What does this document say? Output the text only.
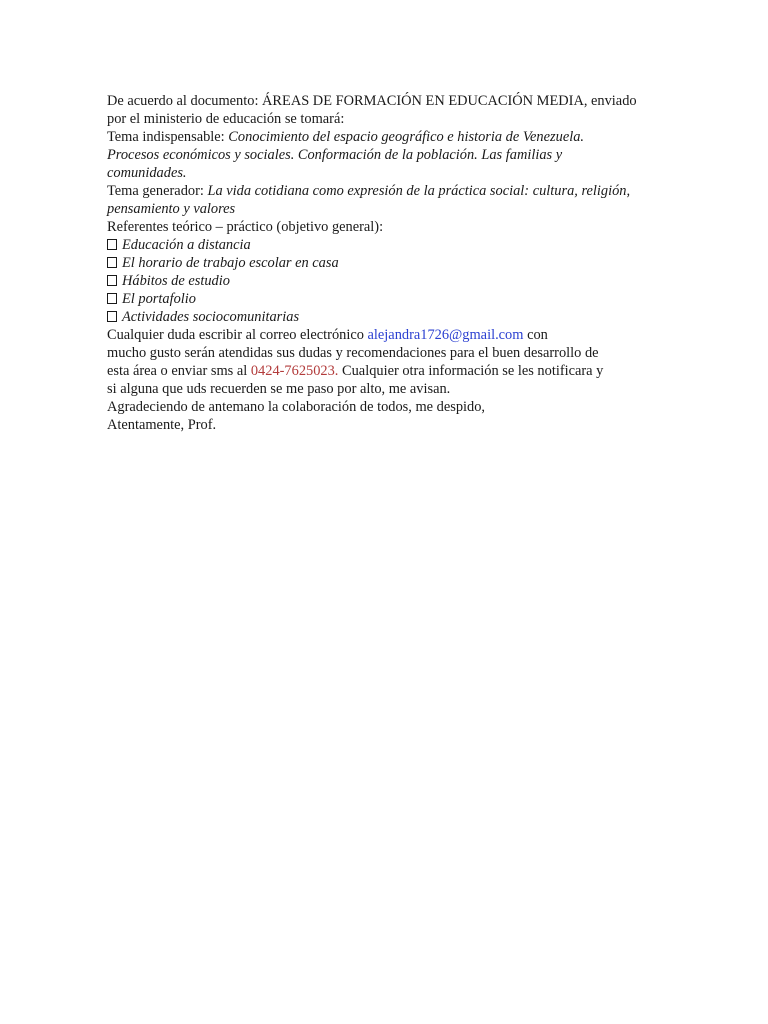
De acuerdo al documento: ÁREAS DE FORMACIÓN EN EDUCACIÓN MEDIA, enviado
por el ministerio de educación se tomará:
Tema indispensable: Conocimiento del espacio geográfico e historia de Venezuela.
Procesos económicos y sociales. Conformación de la población. Las familias y
comunidades.
Tema generador: La vida cotidiana como expresión de la práctica social: cultura, religión,
pensamiento y valores
Referentes teórico – práctico (objetivo general):
Educación a distancia
El horario de trabajo escolar en casa
Hábitos de estudio
El portafolio
Actividades sociocomunitarias
Cualquier duda escribir al correo electrónico alejandra1726@gmail.com con
mucho gusto serán atendidas sus dudas y recomendaciones para el buen desarrollo de
esta área o enviar sms al 0424-7625023. Cualquier otra información se les notificara y
si alguna que uds recuerden se me paso por alto, me avisan.
Agradeciendo de antemano la colaboración de todos, me despido,
Atentamente, Prof.
